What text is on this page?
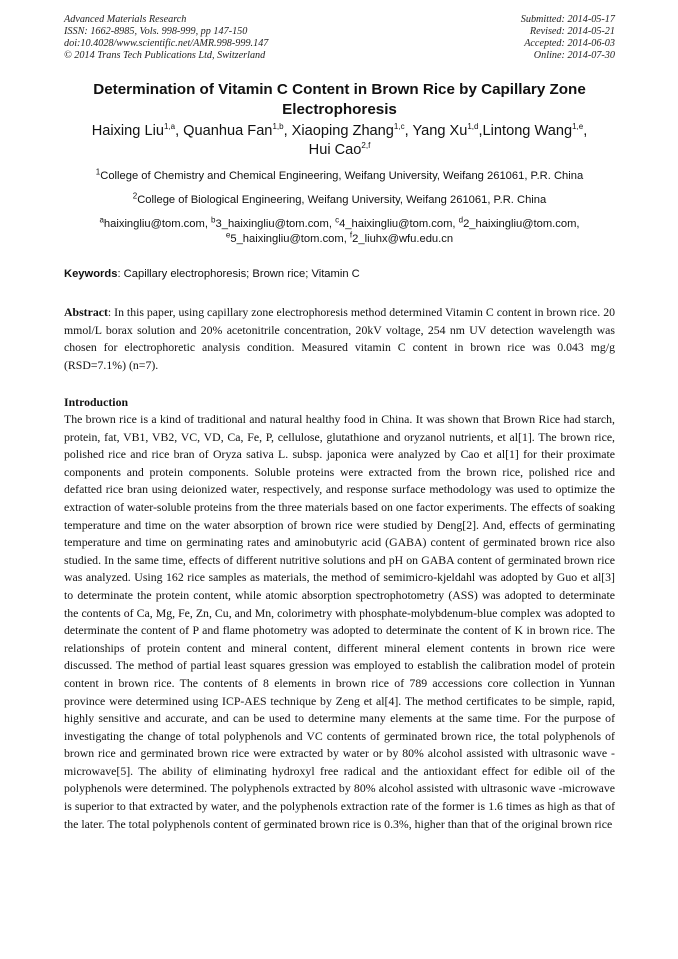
Advanced Materials Research
ISSN: 1662-8985, Vols. 998-999, pp 147-150
doi:10.4028/www.scientific.net/AMR.998-999.147
© 2014 Trans Tech Publications Ltd, Switzerland
Submitted: 2014-05-17
Revised: 2014-05-21
Accepted: 2014-06-03
Online: 2014-07-30
Determination of Vitamin C Content in Brown Rice by Capillary Zone Electrophoresis
Haixing Liu$^{1,a}$, Quanhua Fan$^{1,b}$, Xiaoping Zhang$^{1,c}$, Yang Xu$^{1,d}$,Lintong Wang$^{1,e}$,
Hui Cao$^{2,f}$
$^1$College of Chemistry and Chemical Engineering, Weifang University, Weifang 261061, P.R. China
$^2$College of Biological Engineering, Weifang University, Weifang 261061, P.R. China
$^a$haixingliu@tom.com, $^b$3_haixingliu@tom.com, $^c$4_haixingliu@tom.com, $^d$2_haixingliu@tom.com,
$^e$5_haixingliu@tom.com, $^f$2_liuhx@wfu.edu.cn
Keywords: Capillary electrophoresis; Brown rice; Vitamin C
Abstract: In this paper, using capillary zone electrophoresis method determined Vitamin C content in brown rice. 20 mmol/L borax solution and 20% acetonitrile concentration, 20kV voltage, 254 nm UV detection wavelength was chosen for electrophoretic analysis condition. Measured vitamin C content in brown rice was 0.043 mg/g (RSD=7.1%) (n=7).
Introduction
The brown rice is a kind of traditional and natural healthy food in China. It was shown that Brown Rice had starch, protein, fat, VB1, VB2, VC, VD, Ca, Fe, P, cellulose, glutathione and oryzanol nutrients, et al[1]. The brown rice, polished rice and rice bran of Oryza sativa L. subsp. japonica were analyzed by Cao et al[1] for their proximate components and protein components. Soluble proteins were extracted from the brown rice, polished rice and defatted rice bran using deionized water, respectively, and response surface methodology was used to optimize the extraction of water-soluble proteins from the three materials based on one factor experiments. The effects of soaking temperature and time on the water absorption of brown rice were studied by Deng[2]. And, effects of germinating temperature and time on germinating rates and aminobutyric acid (GABA) content of germinated brown rice also studied. In the same time, effects of different nutritive solutions and pH on GABA content of germinated brown rice was analyzed. Using 162 rice samples as materials, the method of semimicro-kjeldahl was adopted by Guo et al[3] to determinate the protein content, while atomic absorption spectrophotometry (ASS) was adopted to determinate the contents of Ca, Mg, Fe, Zn, Cu, and Mn, colorimetry with phosphate-molybdenum-blue complex was adopted to determinate the content of P and flame photometry was adopted to determinate the content of K in brown rice. The relationships of protein content and mineral content, different mineral element contents in brown rice were discussed. The method of partial least squares gression was employed to establish the calibration model of protein content in brown rice. The contents of 8 elements in brown rice of 789 accessions core collection in Yunnan province were determined using ICP-AES technique by Zeng et al[4]. The method certificates to be simple, rapid, highly sensitive and accurate, and can be used to determine many elements at the same time. For the purpose of investigating the change of total polyphenols and VC contents of germinated brown rice, the total polyphenols of brown rice and germinated brown rice were extracted by water or by 80% alcohol assisted with ultrasonic wave -microwave[5]. The ability of eliminating hydroxyl free radical and the antioxidant effect for edible oil of the polyphenols were determined. The polyphenols extracted by 80% alcohol assisted with ultrasonic wave -microwave is superior to that extracted by water, and the polyphenols extraction rate of the former is 1.6 times as high as that of the later. The total polyphenols content of germinated brown rice is 0.3%, higher than that of the original brown rice
